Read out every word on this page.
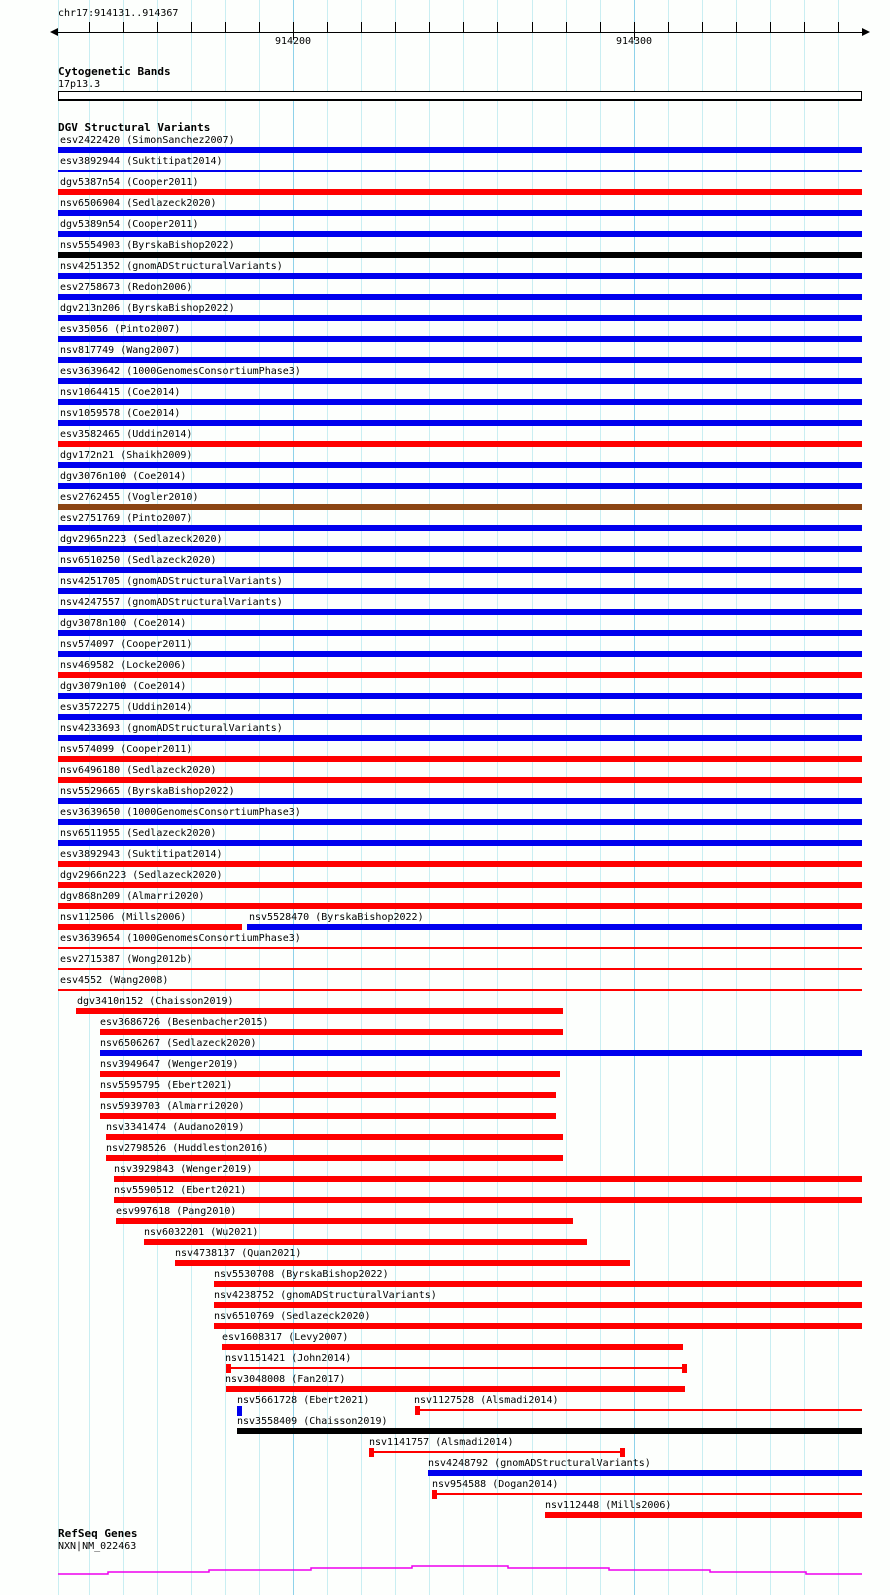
chr17:914131..914367
914200	914300
Cytogenetic Bands
17p13.3
DGV Structural Variants
esv2422420 (SimonSanchez2007)
esv3892944 (Suktitipat2014)
dgv5387n54 (Cooper2011)
nsv6506904 (Sedlazeck2020)
dgv5389n54 (Cooper2011)
nsv5554903 (ByrskaBishop2022)
nsv4251352 (gnomADStructuralVariants)
esv2758673 (Redon2006)
dgv213n206 (ByrskaBishop2022)
esv35056 (Pinto2007)
nsv817749 (Wang2007)
esv3639642 (1000GenomesConsortiumPhase3)
nsv1064415 (Coe2014)
nsv1059578 (Coe2014)
esv3582465 (Uddin2014)
dgv172n21 (Shaikh2009)
dgv3076n100 (Coe2014)
esv2762455 (Vogler2010)
esv2751769 (Pinto2007)
dgv2965n223 (Sedlazeck2020)
nsv6510250 (Sedlazeck2020)
nsv4251705 (gnomADStructuralVariants)
nsv4247557 (gnomADStructuralVariants)
dgv3078n100 (Coe2014)
nsv574097 (Cooper2011)
nsv469582 (Locke2006)
dgv3079n100 (Coe2014)
esv3572275 (Uddin2014)
nsv4233693 (gnomADStructuralVariants)
nsv574099 (Cooper2011)
nsv6496180 (Sedlazeck2020)
nsv5529665 (ByrskaBishop2022)
esv3639650 (1000GenomesConsortiumPhase3)
nsv6511955 (Sedlazeck2020)
esv3892943 (Suktitipat2014)
dgv2966n223 (Sedlazeck2020)
dgv868n209 (Almarri2020)
nsv112506 (Mills2006)	nsv5528470 (ByrskaBishop2022)
esv3639654 (1000GenomesConsortiumPhase3)
esv2715387 (Wong2012b)
esv4552 (Wang2008)
dgv3410n152 (Chaisson2019)
esv3686726 (Besenbacher2015)
nsv6506267 (Sedlazeck2020)
nsv3949647 (Wenger2019)
nsv5595795 (Ebert2021)
nsv5939703 (Almarri2020)
nsv3341474 (Audano2019)
nsv2798526 (Huddleston2016)
nsv3929843 (Wenger2019)
nsv5590512 (Ebert2021)
esv997618 (Pang2010)
nsv6032201 (Wu2021)
nsv4738137 (Quan2021)
nsv5530708 (ByrskaBishop2022)
nsv4238752 (gnomADStructuralVariants)
nsv6510769 (Sedlazeck2020)
esv1608317 (Levy2007)
nsv1151421 (John2014)
nsv3048008 (Fan2017)
nsv5661728 (Ebert2021)	nsv1127528 (Alsmadi2014)
nsv3558409 (Chaisson2019)
nsv1141757 (Alsmadi2014)
nsv4248792 (gnomADStructuralVariants)
nsv954588 (Dogan2014)
nsv112448 (Mills2006)
RefSeq Genes
NXN|NM_022463
